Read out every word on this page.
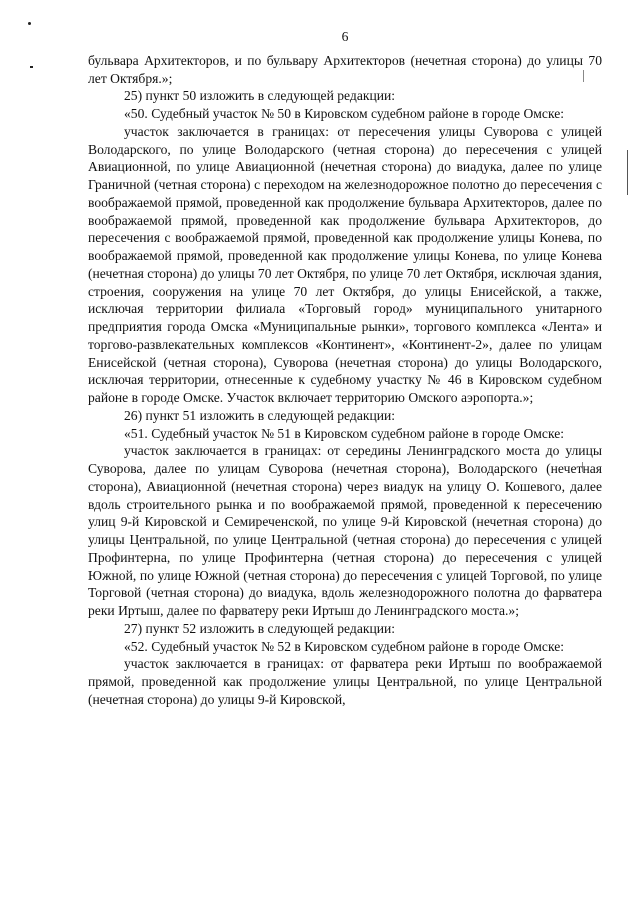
6

бульвара Архитекторов, и по бульвару Архитекторов (нечетная сторона) до улицы 70 лет Октября.»;

25) пункт 50 изложить в следующей редакции:

«50. Судебный участок № 50 в Кировском судебном районе в городе Омске:

участок заключается в границах: от пересечения улицы Суворова с улицей Володарского, по улице Володарского (четная сторона) до пересечения с улицей Авиационной, по улице Авиационной (нечетная сторона) до виадука, далее по улице Граничной (четная сторона) с переходом на железнодорожное полотно до пересечения с воображаемой прямой, проведенной как продолжение бульвара Архитекторов, далее по воображаемой прямой, проведенной как продолжение бульвара Архитекторов, до пересечения с воображаемой прямой, проведенной как продолжение улицы Конева, по воображаемой прямой, проведенной как продолжение улицы Конева, по улице Конева (нечетная сторона) до улицы 70 лет Октября, по улице 70 лет Октября, исключая здания, строения, сооружения на улице 70 лет Октября, до улицы Енисейской, а также, исключая территории филиала «Торговый город» муниципального унитарного предприятия города Омска «Муниципальные рынки», торгового комплекса «Лента» и торгово-развлекательных комплексов «Континент», «Континент-2», далее по улицам Енисейской (четная сторона), Суворова (нечетная сторона) до улицы Володарского, исключая территории, отнесенные к судебному участку № 46 в Кировском судебном районе в городе Омске. Участок включает территорию Омского аэропорта.»;

26) пункт 51 изложить в следующей редакции:

«51. Судебный участок № 51 в Кировском судебном районе в городе Омске:

участок заключается в границах: от середины Ленинградского моста до улицы Суворова, далее по улицам Суворова (нечетная сторона), Володарского (нечетная сторона), Авиационной (нечетная сторона) через виадук на улицу О. Кошевого, далее вдоль строительного рынка и по воображаемой прямой, проведенной к пересечению улиц 9-й Кировской и Семиреченской, по улице 9-й Кировской (нечетная сторона) до улицы Центральной, по улице Центральной (четная сторона) до пересечения с улицей Профинтерна, по улице Профинтерна (четная сторона) до пересечения с улицей Южной, по улице Южной (четная сторона) до пересечения с улицей Торговой, по улице Торговой (четная сторона) до виадука, вдоль железнодорожного полотна до фарватера реки Иртыш, далее по фарватеру реки Иртыш до Ленинградского моста.»;

27) пункт 52 изложить в следующей редакции:

«52. Судебный участок № 52 в Кировском судебном районе в городе Омске:

участок заключается в границах: от фарватера реки Иртыш по воображаемой прямой, проведенной как продолжение улицы Центральной, по улице Центральной (нечетная сторона) до улицы 9-й Кировской,
